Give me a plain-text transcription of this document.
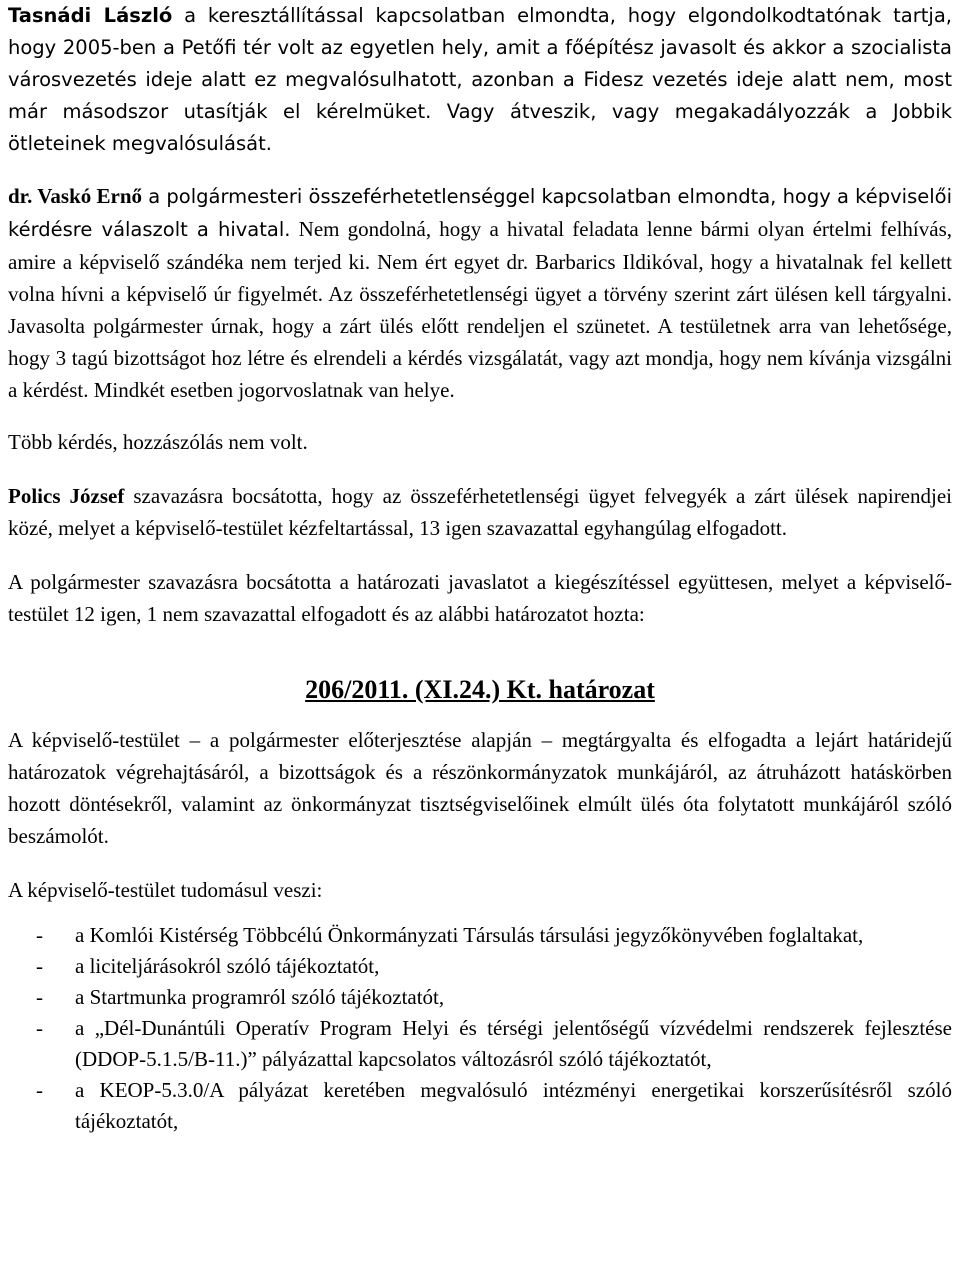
Tasnádi László a keresztállítással kapcsolatban elmondta, hogy elgondolkodtatónak tartja, hogy 2005-ben a Petőfi tér volt az egyetlen hely, amit a főépítész javasolt és akkor a szocialista városvezetés ideje alatt ez megvalósulhatott, azonban a Fidesz vezetés ideje alatt nem, most már másodszor utasítják el kérelmüket. Vagy átveszik, vagy megakadályozzák a Jobbik ötleteinek megvalósulását.

dr. Vaskó Ernő a polgármesteri összeférhetetlenséggel kapcsolatban elmondta, hogy a képviselői kérdésre válaszolt a hivatal. Nem gondolná, hogy a hivatal feladata lenne bármi olyan értelmi felhívás, amire a képviselő szándéka nem terjed ki. Nem ért egyet dr. Barbarics Ildikóval, hogy a hivatalnak fel kellett volna hívni a képviselő úr figyelmét. Az összeférhetetlenségi ügyet a törvény szerint zárt ülésen kell tárgyalni. Javasolta polgármester úrnak, hogy a zárt ülés előtt rendeljen el szünetet. A testületnek arra van lehetősége, hogy 3 tagú bizottságot hoz létre és elrendeli a kérdés vizsgálatát, vagy azt mondja, hogy nem kívánja vizsgálni a kérdést. Mindkét esetben jogorvoslatnak van helye.

Több kérdés, hozzászólás nem volt.

Polics József szavazásra bocsátotta, hogy az összeférhetetlenségi ügyet felvegyék a zárt ülések napirendjei közé, melyet a képviselő-testület kézfeltartással, 13 igen szavazattal egyhangúlag elfogadott.

A polgármester szavazásra bocsátotta a határozati javaslatot a kiegészítéssel együttesen, melyet a képviselő-testület 12 igen, 1 nem szavazattal elfogadott és az alábbi határozatot hozta:

206/2011. (XI.24.) Kt. határozat

A képviselő-testület – a polgármester előterjesztése alapján – megtárgyalta és elfogadta a lejárt határidejű határozatok végrehajtásáról, a bizottságok és a részönkormányzatok munkájáról, az átruházott hatáskörben hozott döntésekről, valamint az önkormányzat tisztségviselőinek elmúlt ülés óta folytatott munkájáról szóló beszámolót.

A képviselő-testület tudomásul veszi:

- a Komlói Kistérség Többcélú Önkormányzati Társulás társulási jegyzőkönyvében foglaltakat,
- a liciteljárásokról szóló tájékoztatót,
- a Startmunka programról szóló tájékoztatót,
- a „Dél-Dunántúli Operatív Program Helyi és térségi jelentőségű vízvédelmi rendszerek fejlesztése (DDOP-5.1.5/B-11.)” pályázattal kapcsolatos változásról szóló tájékoztatót,
- a KEOP-5.3.0/A pályázat keretében megvalósuló intézményi energetikai korszerűsítésről szóló tájékoztatót,
